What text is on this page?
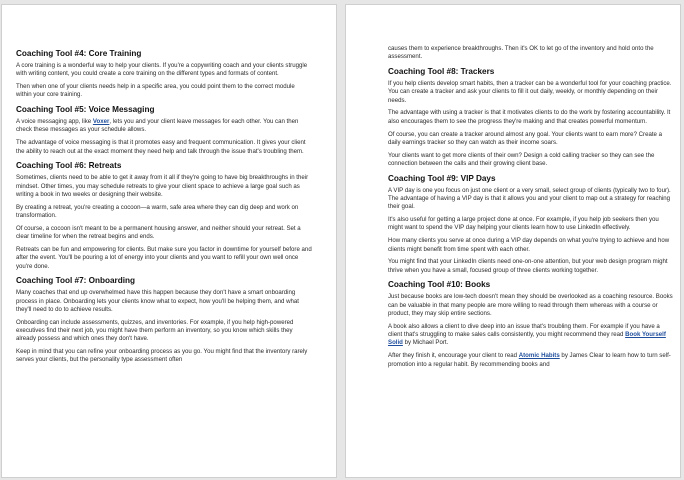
Coaching Tool #4: Core Training

A core training is a wonderful way to help your clients. If you're a copywriting coach and your clients struggle with writing content, you could create a core training on the different types and formats of content.

Then when one of your clients needs help in a specific area, you could point them to the correct module within your core training.

Coaching Tool #5: Voice Messaging

A voice messaging app, like Voxer, lets you and your client leave messages for each other. You can then check these messages as your schedule allows.

The advantage of voice messaging is that it promotes easy and frequent communication. It gives your client the ability to reach out at the exact moment they need help and talk through the issue that's troubling them.

Coaching Tool #6: Retreats

Sometimes, clients need to be able to get it away from it all if they're going to have big breakthroughs in their mindset. Other times, you may schedule retreats to give your client space to achieve a large goal such as writing a book in two weeks or designing their website.

By creating a retreat, you're creating a cocoon—a warm, safe area where they can dig deep and work on transformation.

Of course, a cocoon isn't meant to be a permanent housing answer, and neither should your retreat. Set a clear timeline for when the retreat begins and ends.

Retreats can be fun and empowering for clients. But make sure you factor in downtime for yourself before and after the event. You'll be pouring a lot of energy into your clients and you want to refill your own well once you're done.

Coaching Tool #7: Onboarding

Many coaches that end up overwhelmed have this happen because they don't have a smart onboarding process in place. Onboarding lets your clients know what to expect, how you'll be helping them, and what they'll need to do to achieve results.

Onboarding can include assessments, quizzes, and inventories. For example, if you help high-powered executives find their next job, you might have them perform an inventory, so you know which skills they already possess and which ones they don't have.

Keep in mind that you can refine your onboarding process as you go. You might find that the inventory rarely serves your clients, but the personality type assessment often

causes them to experience breakthroughs. Then it's OK to let go of the inventory and hold onto the assessment.

Coaching Tool #8: Trackers

If you help clients develop smart habits, then a tracker can be a wonderful tool for your coaching practice. You can create a tracker and ask your clients to fill it out daily, weekly, or monthly depending on their needs.

The advantage with using a tracker is that it motivates clients to do the work by fostering accountability. It also encourages them to see the progress they're making and that creates powerful momentum.

Of course, you can create a tracker around almost any goal. Your clients want to earn more? Create a daily earnings tracker so they can watch as their income soars.

Your clients want to get more clients of their own? Design a cold calling tracker so they can see the connection between the calls and their growing client base.

Coaching Tool #9: VIP Days

A VIP day is one you focus on just one client or a very small, select group of clients (typically two to four). The advantage of having a VIP day is that it allows you and your client to map out a strategy for reaching their goal.

It's also useful for getting a large project done at once. For example, if you help job seekers then you might want to spend the VIP day helping your clients learn how to use LinkedIn effectively.

How many clients you serve at once during a VIP day depends on what you're trying to achieve and how clients might benefit from time spent with each other.

You might find that your LinkedIn clients need one-on-one attention, but your web design program might thrive when you have a small, focused group of three clients working together.

Coaching Tool #10: Books

Just because books are low-tech doesn't mean they should be overlooked as a coaching resource. Books can be valuable in that many people are more willing to read through them whereas with a course or product, they may skip entire sections.

A book also allows a client to dive deep into an issue that's troubling them. For example if you have a client that's struggling to make sales calls consistently, you might recommend they read Book Yourself Solid by Michael Port.

After they finish it, encourage your client to read Atomic Habits by James Clear to learn how to turn self-promotion into a regular habit. By recommending books and
